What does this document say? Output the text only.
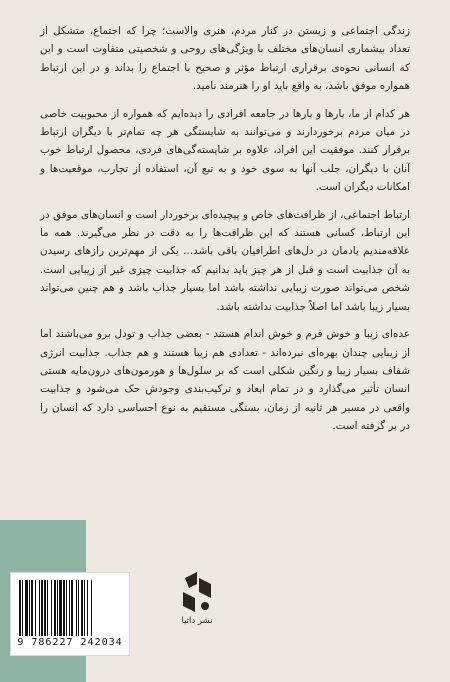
زندگی اجتماعی و زیستن در کنار مردم، هنری والاست؛ چرا که اجتماع، متشکل از تعداد بیشماری انسان‌های مختلف با ویژگی‌های روحی و شخصیتی متفاوت است و این که انسانی نحوه‌ی برقراری ارتباط مؤثر و صحیح با اجتماع را بداند و در این ارتباط همواره موفق باشد، به واقع باید او را هنرمند نامید.

هر کدام از ما، بارها و بارها در جامعه افرادی را دیده‌ایم که همواره از محبوبیت خاصی در میان مردم برخوردارند و می‌توانند به شایستگی هر چه تمام‌تر با دیگران ارتباط برقرار کنند. موفقیت این افراد، علاوه بر شایسته‌گی‌های فردی، محصول ارتباط خوب آنان با دیگران، جلب آنها به سوی خود و به تبع آن، استفاده از تجارب، موقعیت‌ها و امکانات دیگران است.

ارتباط اجتماعی، از ظرافت‌های خاص و پیچیده‌ای برخوردار است و انسان‌های موفق در این ارتباط، کسانی هستند که این ظرافت‌ها را به دقت در نظر می‌گیرند. همه ما علاقه‌مندیم یادمان در دل‌های اطرافیان باقی باشد... یکی از مهم‌ترین رازهای رسیدن به آن جذابیت است و قبل از هر چیز باید بدانیم که جذابیت چیزی غیر از زیبایی است. شخص می‌تواند صورت زیبایی نداشته باشد اما بسیار جذاب باشد و هم چنین می‌تواند بسیار زیبا باشد اما اصلاً جذابیت نداشته باشد.

عده‌ای زیبا و خوش فرم و خوش اندام هستند - بعضی جذاب و تودل برو می‌باشند اما از زیبایی چندان بهره‌ای نبرده‌اند - تعدادی هم زیبا هستند و هم جذاب. جذابیت انرژی شفاف بسیار زیبا و رنگین شکلی است که بر سلول‌ها و هورمون‌های درون‌مایه هستی انسان تأثیر می‌گذارد و در تمام ابعاد و ترکیب‌بندی وجودش حک می‌شود و جذابیت واقعی در مسیر هر ثانیه از زمان، بستگی مستقیم به نوع احساسی دارد که انسان را در بر گرفته است.

9 786227 242034
نشر داتیا
